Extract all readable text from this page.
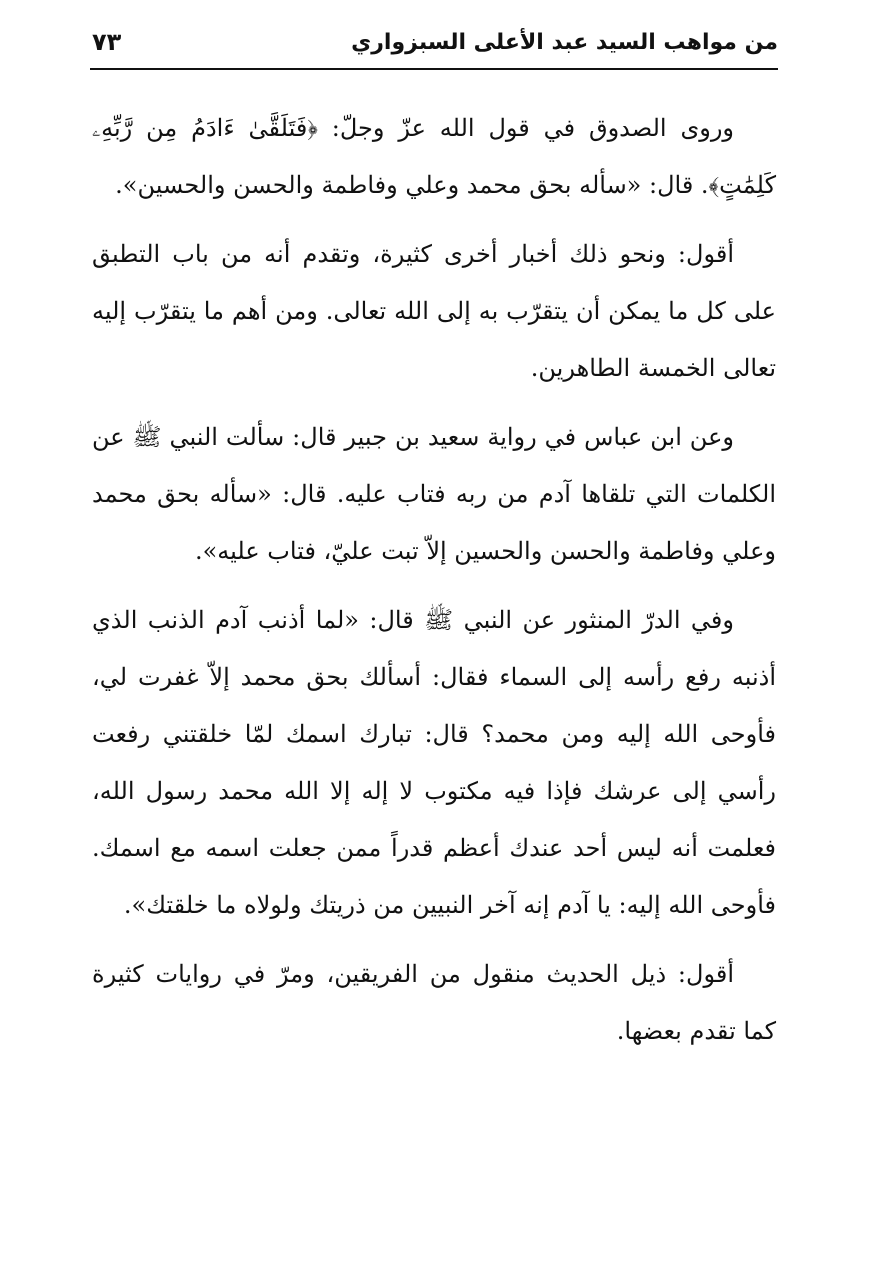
من مواهب السيد عبد الأعلى السبزواري
٧٣

وروى الصدوق في قول الله عزّ وجلّ: ﴿فَتَلَقَّىٰ ءَادَمُ مِن رَّبِّهِۦ كَلِمَٰتٍ﴾. قال: «سأله بحق محمد وعلي وفاطمة والحسن والحسين».

أقول: ونحو ذلك أخبار أخرى كثيرة، وتقدم أنه من باب التطبق على كل ما يمكن أن يتقرّب به إلى الله تعالى. ومن أهم ما يتقرّب إليه تعالى الخمسة الطاهرين.

وعن ابن عباس في رواية سعيد بن جبير قال: سألت النبي ﷺ عن الكلمات التي تلقاها آدم من ربه فتاب عليه. قال: «سأله بحق محمد وعلي وفاطمة والحسن والحسين إلاّ تبت عليّ، فتاب عليه».

وفي الدرّ المنثور عن النبي ﷺ قال: «لما أذنب آدم الذنب الذي أذنبه رفع رأسه إلى السماء فقال: أسألك بحق محمد إلاّ غفرت لي، فأوحى الله إليه ومن محمد؟ قال: تبارك اسمك لمّا خلقتني رفعت رأسي إلى عرشك فإذا فيه مكتوب لا إله إلا الله محمد رسول الله، فعلمت أنه ليس أحد عندك أعظم قدراً ممن جعلت اسمه مع اسمك. فأوحى الله إليه: يا آدم إنه آخر النبيين من ذريتك ولولاه ما خلقتك».

أقول: ذيل الحديث منقول من الفريقين، ومرّ في روايات كثيرة كما تقدم بعضها.
